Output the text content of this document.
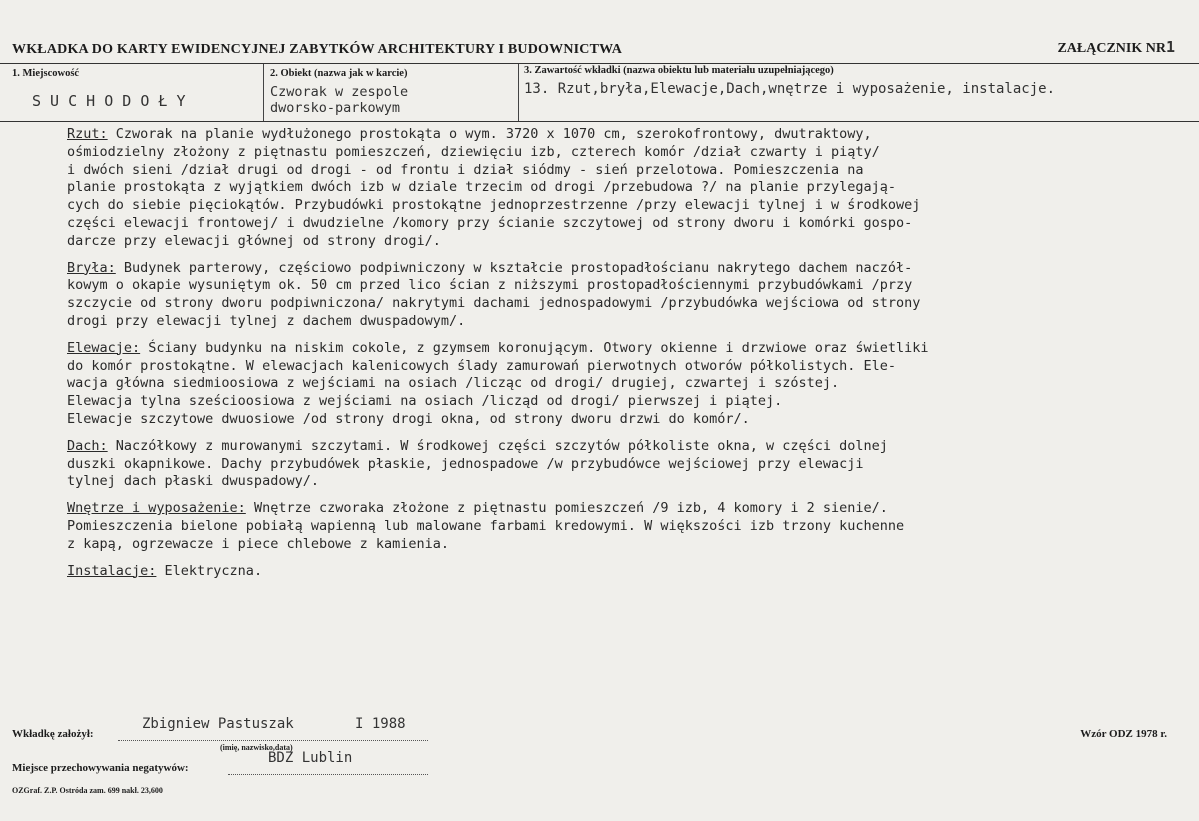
WKŁADKA DO KARTY EWIDENCYJNEJ ZABYTKÓW ARCHITEKTURY I BUDOWNICTWA	ZAŁĄCZNIK NR1
1. Miejscowość
S U C H O D O Ł Y
2. Obiekt (nazwa jak w karcie)
Czworak w zespole
dworsko-parkowym
3. Zawartość wkładki (nazwa obiektu lub materiału uzupełniającego)
13. Rzut,bryła,Elewacje,Dach,wnętrze i wyposażenie, instalacje.

Rzut: Czworak na planie wydłużonego prostokąta o wym. 3720 x 1070 cm, szerokofrontowy, dwutraktowy,
ośmiodzielny złożony z piętnastu pomieszczeń, dziewięciu izb, czterech komór /dział czwarty i piąty/
i dwóch sieni /dział drugi od drogi - od frontu i dział siódmy - sień przelotowa. Pomieszczenia na
planie prostokąta z wyjątkiem dwóch izb w dziale trzecim od drogi /przebudowa ?/ na planie przylegają-
cych do siebie pięciokątów. Przybudówki prostokątne jednoprzestrzenne /przy elewacji tylnej i w środkowej
części elewacji frontowej/ i dwudzielne /komory przy ścianie szczytowej od strony dworu i komórki gospo-
darcze przy elewacji głównej od strony drogi/.

Bryła: Budynek parterowy, częściowo podpiwniczony w kształcie prostopadłościanu nakrytego dachem naczół-
kowym o okapie wysuniętym ok. 50 cm przed lico ścian z niższymi prostopadłościennymi przybudówkami /przy
szczycie od strony dworu podpiwniczona/ nakrytymi dachami jednospadowymi /przybudówka wejściowa od strony
drogi przy elewacji tylnej z dachem dwuspadowym/.

Elewacje: Ściany budynku na niskim cokole, z gzymsem koronującym. Otwory okienne i drzwiowe oraz świetliki
do komór prostokątne. W elewacjach kalenicowych ślady zamurowań pierwotnych otworów półkolistych. Ele-
wacja główna siedmioosiowa z wejściami na osiach /licząc od drogi/ drugiej, czwartej i szóstej.
Elewacja tylna sześcioosiowa z wejściami na osiach /licząd od drogi/ pierwszej i piątej.
Elewacje szczytowe dwuosiowe /od strony drogi okna, od strony dworu drzwi do komór/.

Dach: Naczółkowy z murowanymi szczytami. W środkowej części szczytów półkoliste okna, w części dolnej
duszki okapnikowe. Dachy przybudówek płaskie, jednospadowe /w przybudówce wejściowej przy elewacji
tylnej dach płaski dwuspadowy/.

Wnętrze i wyposażenie: Wnętrze czworaka złożone z piętnastu pomieszczeń /9 izb, 4 komory i 2 sienie/.
Pomieszczenia bielone pobiałą wapienną lub malowane farbami kredowymi. W większości izb trzony kuchenne
z kapą, ogrzewacze i piece chlebowe z kamienia.

Instalacje: Elektryczna.

Wkładkę założył:
Zbigniew Pastuszak	I 1988
(imię, nazwisko,data)
Miejsce przechowywania negatywów:
BDZ Lublin
Wzór ODZ 1978 r.
OZGraf. Z.P. Ostróda zam. 699 nakł. 23,600
